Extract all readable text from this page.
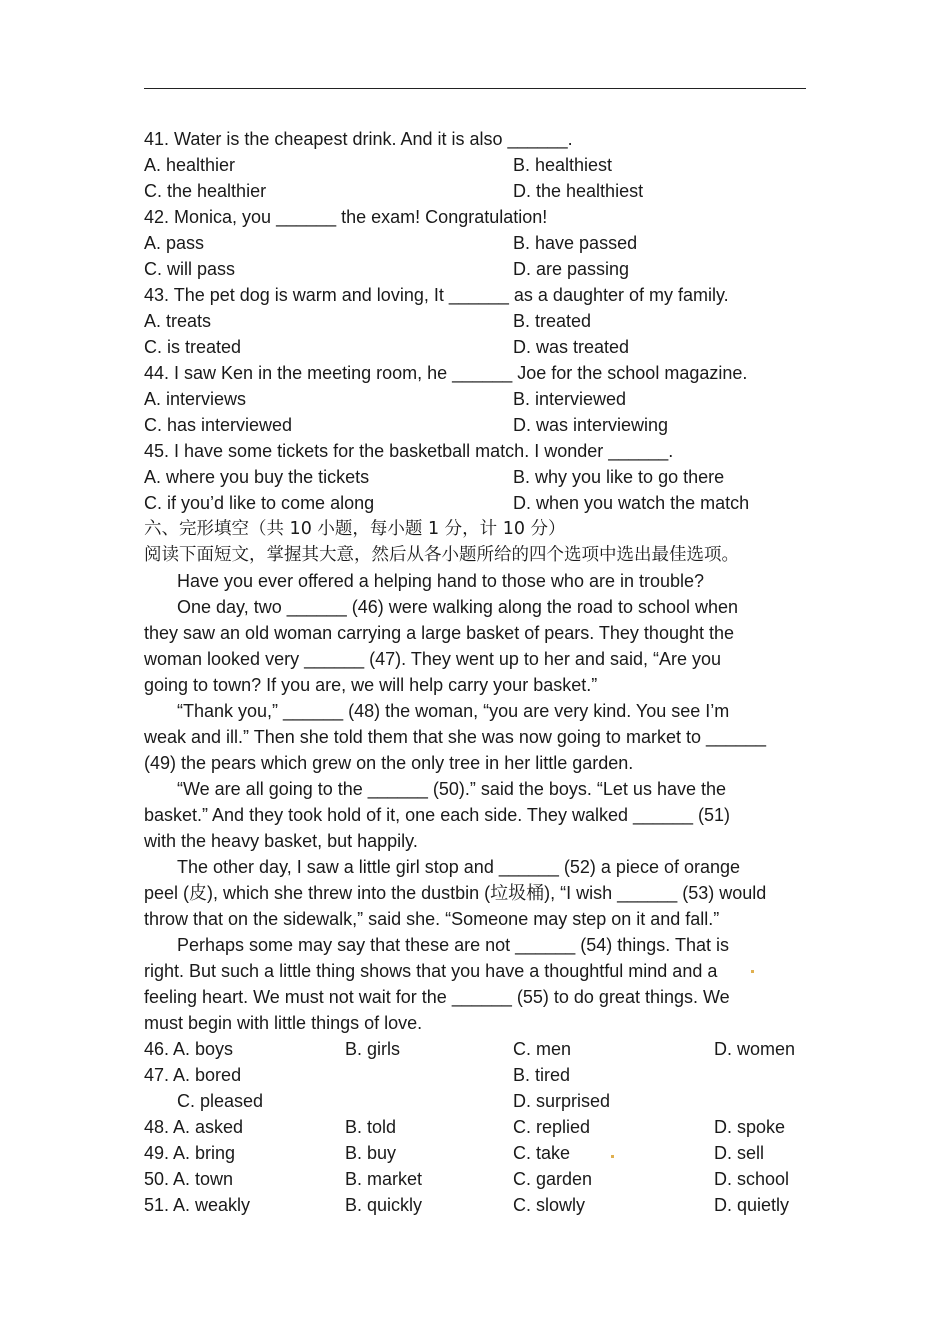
41. Water is the cheapest drink. And it is also ______.
A. healthier	B. healthiest
C. the healthier	D. the healthiest
42. Monica, you ______ the exam! Congratulation!
A. pass	B. have passed
C. will pass	D. are passing
43. The pet dog is warm and loving, It ______ as a daughter of my family.
A. treats	B. treated
C. is treated	D. was treated
44. I saw Ken in the meeting room, he ______ Joe for the school magazine.
A. interviews	B. interviewed
C. has interviewed	D. was interviewing
45. I have some tickets for the basketball match. I wonder ______.
A. where you buy the tickets	B. why you like to go there
C. if you’d like to come along	D. when you watch the match
六、完形填空（共 10 小题，每小题 1 分，计 10 分）
阅读下面短文，掌握其大意，然后从各小题所给的四个选项中选出最佳选项。
Have you ever offered a helping hand to those who are in trouble?
One day, two ______ (46) were walking along the road to school when
they saw an old woman carrying a large basket of pears. They thought the
woman looked very ______ (47). They went up to her and said, “Are you
going to town? If you are, we will help carry your basket.”
“Thank you,” ______ (48) the woman, “you are very kind. You see I’m
weak and ill.” Then she told them that she was now going to market to ______
(49) the pears which grew on the only tree in her little garden.
“We are all going to the ______ (50).” said the boys. “Let us have the
basket.” And they took hold of it, one each side. They walked ______ (51)
with the heavy basket, but happily.
The other day, I saw a little girl stop and ______ (52) a piece of orange
peel (皮), which she threw into the dustbin (垃圾桶), “I wish ______ (53) would
throw that on the sidewalk,” said she. “Someone may step on it and fall.”
Perhaps some may say that these are not ______ (54) things. That is
right. But such a little thing shows that you have a thoughtful mind and a
feeling heart. We must not wait for the ______ (55) to do great things. We
must begin with little things of love.
46. A. boys	B. girls	C. men	D. women
47. A. bored	B. tired
C. pleased	D. surprised
48. A. asked	B. told	C. replied	D. spoke
49. A. bring	B. buy	C. take	D. sell
50. A. town	B. market	C. garden	D. school
51. A. weakly	B. quickly	C. slowly	D. quietly
